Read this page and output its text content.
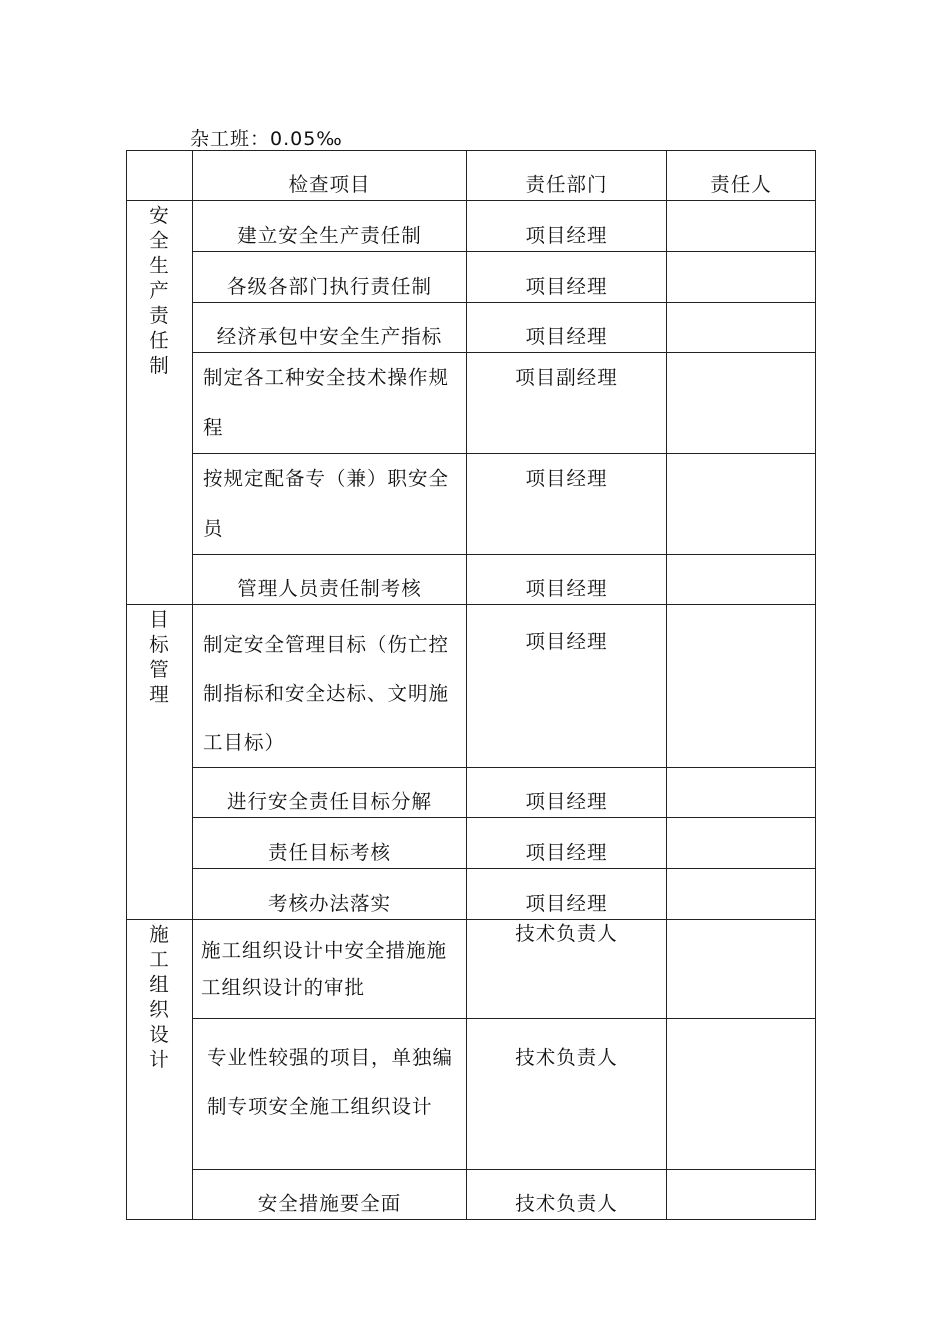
杂工班：0.05‰
	检查项目	责任部门	责任人

安全生产责任制	建立安全生产责任制	项目经理	
	各级各部门执行责任制	项目经理	
	经济承包中安全生产指标	项目经理	
	制定各工种安全技术操作规程	项目副经理	
	按规定配备专（兼）职安全员	项目经理	
	管理人员责任制考核	项目经理	

目标管理	制定安全管理目标（伤亡控制指标和安全达标、文明施工目标）	项目经理	
	进行安全责任目标分解	项目经理	
	责任目标考核	项目经理	
	考核办法落实	项目经理	

施工组织设计	施工组织设计中安全措施施工组织设计的审批	技术负责人	
	专业性较强的项目，单独编制专项安全施工组织设计	技术负责人	
	安全措施要全面	技术负责人	
